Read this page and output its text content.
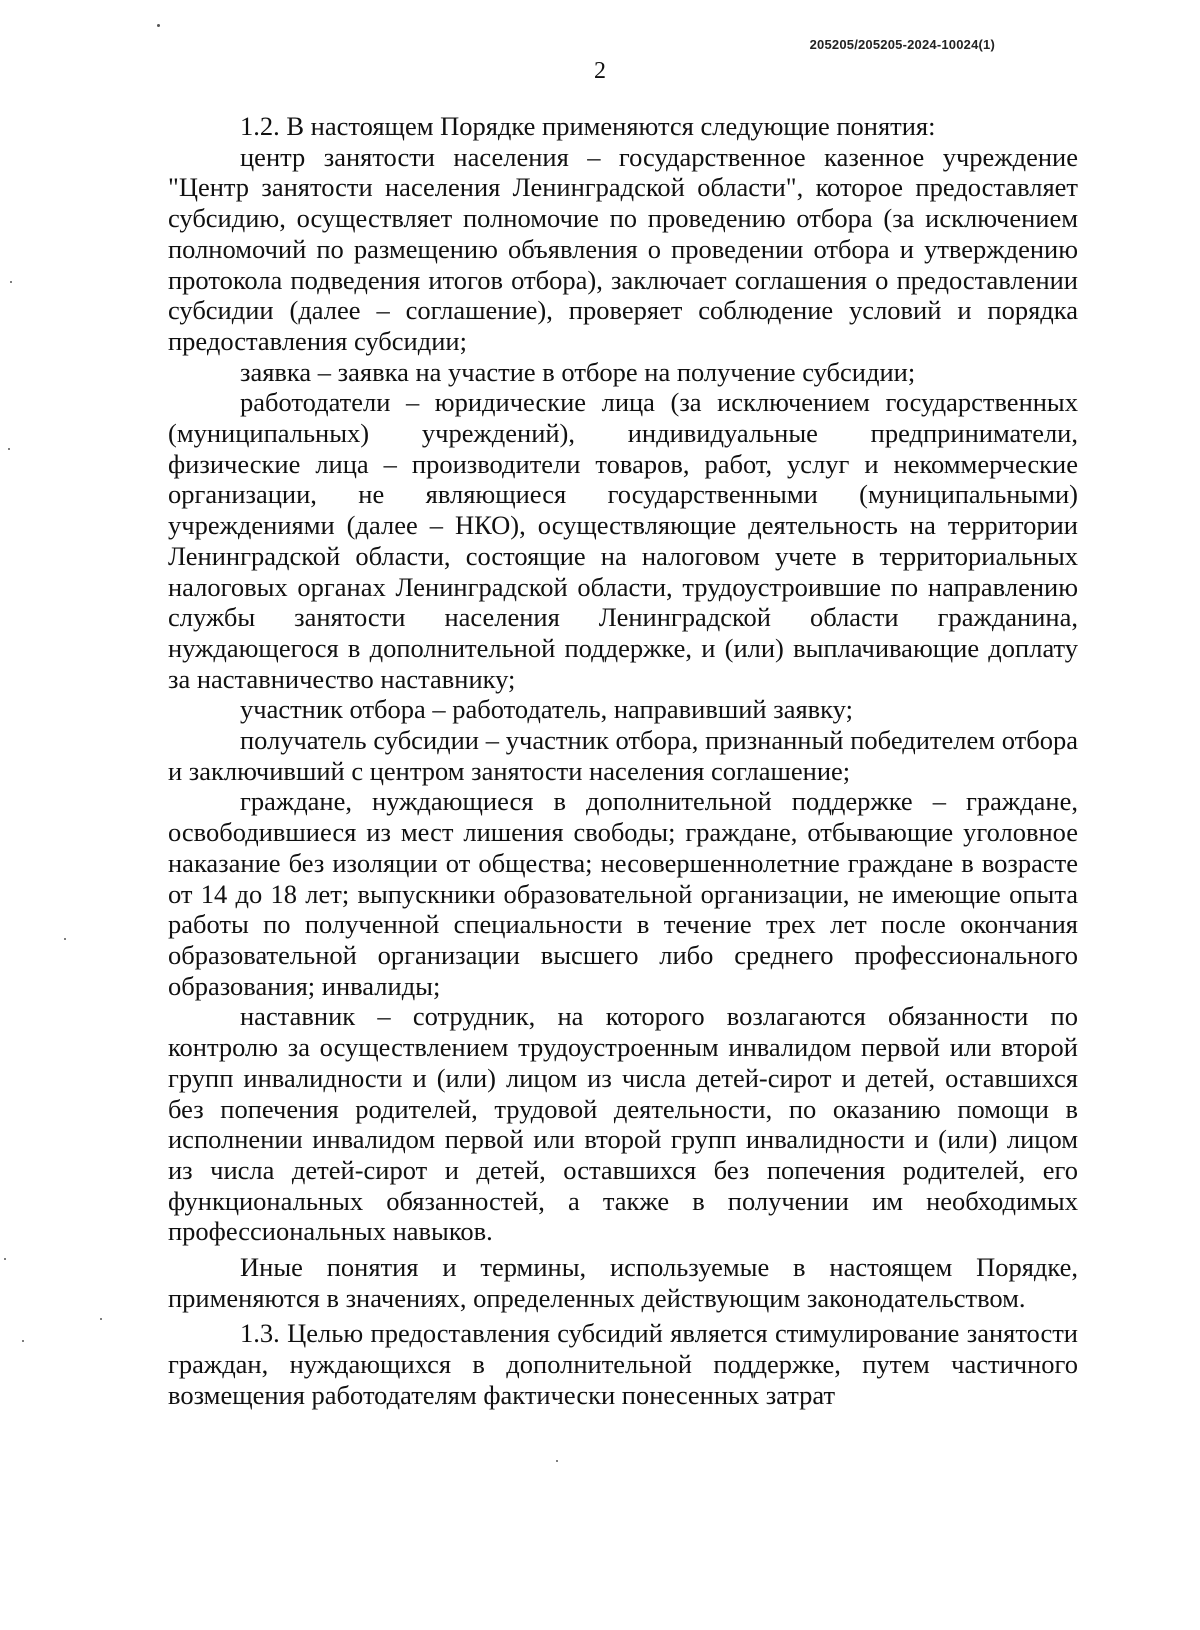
205205/205205-2024-10024(1)
2

1.2. В настоящем Порядке применяются следующие понятия:

центр занятости населения – государственное казенное учреждение "Центр занятости населения Ленинградской области", которое предоставляет субсидию, осуществляет полномочие по проведению отбора (за исключением полномочий по размещению объявления о проведении отбора и утверждению протокола подведения итогов отбора), заключает соглашения о предоставлении субсидии (далее – соглашение), проверяет соблюдение условий и порядка предоставления субсидии;

заявка – заявка на участие в отборе на получение субсидии;

работодатели – юридические лица (за исключением государственных (муниципальных) учреждений), индивидуальные предприниматели, физические лица – производители товаров, работ, услуг и некоммерческие организации, не являющиеся государственными (муниципальными) учреждениями (далее – НКО), осуществляющие деятельность на территории Ленинградской области, состоящие на налоговом учете в территориальных налоговых органах Ленинградской области, трудоустроившие по направлению службы занятости населения Ленинградской области гражданина, нуждающегося в дополнительной поддержке, и (или) выплачивающие доплату за наставничество наставнику;

участник отбора – работодатель, направивший заявку;

получатель субсидии – участник отбора, признанный победителем отбора и заключивший с центром занятости населения соглашение;

граждане, нуждающиеся в дополнительной поддержке – граждане, освободившиеся из мест лишения свободы; граждане, отбывающие уголовное наказание без изоляции от общества; несовершеннолетние граждане в возрасте от 14 до 18 лет; выпускники образовательной организации, не имеющие опыта работы по полученной специальности в течение трех лет после окончания образовательной организации высшего либо среднего профессионального образования; инвалиды;

наставник – сотрудник, на которого возлагаются обязанности по контролю за осуществлением трудоустроенным инвалидом первой или второй групп инвалидности и (или) лицом из числа детей-сирот и детей, оставшихся без попечения родителей, трудовой деятельности, по оказанию помощи в исполнении инвалидом первой или второй групп инвалидности и (или) лицом из числа детей-сирот и детей, оставшихся без попечения родителей, его функциональных обязанностей, а также в получении им необходимых профессиональных навыков.

Иные понятия и термины, используемые в настоящем Порядке, применяются в значениях, определенных действующим законодательством.

1.3. Целью предоставления субсидий является стимулирование занятости граждан, нуждающихся в дополнительной поддержке, путем частичного возмещения работодателям фактически понесенных затрат
